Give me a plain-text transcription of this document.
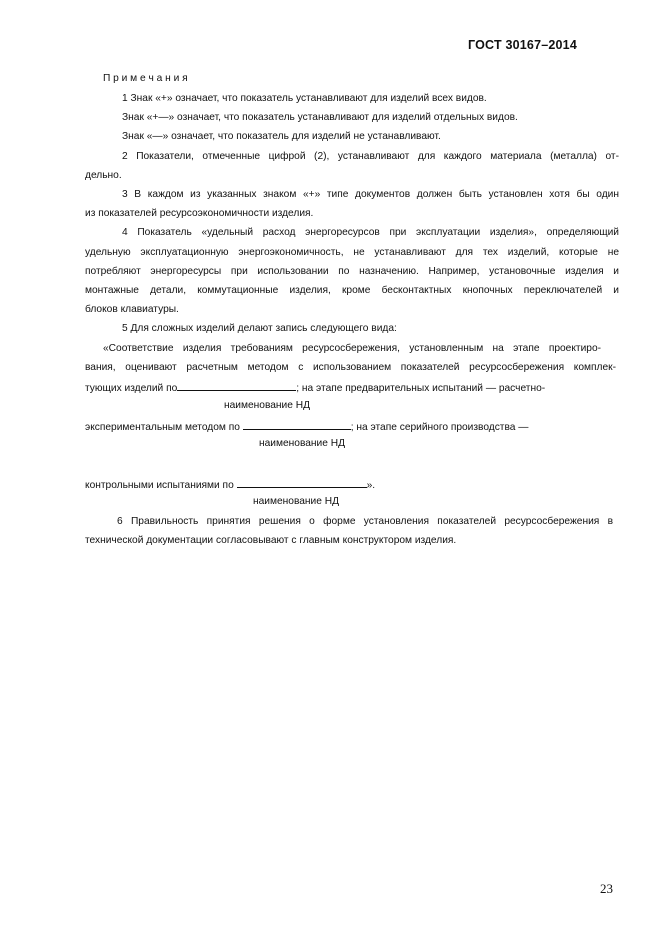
ГОСТ 30167–2014
П р и м е ч а н и я
1 Знак «+» означает, что показатель устанавливают для изделий всех видов.
Знак «+—» означает, что показатель устанавливают для изделий отдельных видов.
Знак «—» означает, что показатель для изделий не устанавливают.
2 Показатели, отмеченные цифрой (2), устанавливают для каждого материала (металла) от-
дельно.
3 В каждом из указанных знаком «+» типе документов должен быть установлен хотя бы один
из показателей ресурсоэкономичности изделия.
4 Показатель «удельный расход энергоресурсов при эксплуатации изделия», определяющий
удельную эксплуатационную энергоэкономичность, не устанавливают для тех изделий, которые не
потребляют энергоресурсы при использовании по назначению. Например, установочные изделия и
монтажные детали, коммутационные изделия, кроме бесконтактных кнопочных переключателей и
блоков клавиатуры.
5 Для сложных изделий делают запись следующего вида:
«Соответствие изделия требованиям ресурсосбережения, установленным на этапе проектиро-
вания, оценивают расчетным методом с использованием показателей ресурсосбережения комплек-
тующих изделий по	; на этапе предварительных испытаний — расчетно-
наименование НД
экспериментальным методом по	; на этапе серийного производства —
наименование НД
контрольными испытаниями по	».
наименование НД
6 Правильность принятия решения о форме установления показателей ресурсосбережения в
технической документации согласовывают с главным конструктором изделия.
23
